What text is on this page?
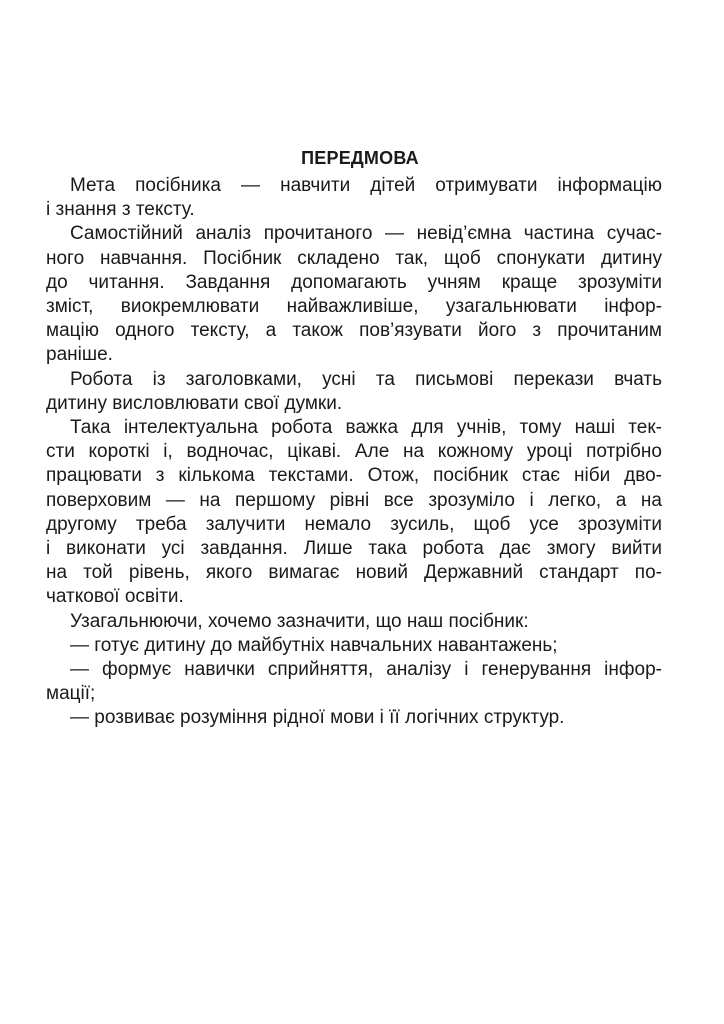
ПЕРЕДМОВА
Мета посібника — навчити дітей отримувати інформацію
і знання з тексту.
Самостійний аналіз прочитаного — невід’ємна частина сучас-
ного навчання. Посібник складено так, щоб спонукати дитину
до читання. Завдання допомагають учням краще зрозуміти
зміст, виокремлювати найважливіше, узагальнювати інфор-
мацію одного тексту, а також пов’язувати його з прочитаним
раніше.
Робота із заголовками, усні та письмові перекази вчать
дитину висловлювати свої думки.
Така інтелектуальна робота важка для учнів, тому наші тек-
сти короткі і, водночас, цікаві. Але на кожному уроці потрібно
працювати з кількома текстами. Отож, посібник стає ніби дво-
поверховим — на першому рівні все зрозуміло і легко, а на
другому треба залучити немало зусиль, щоб усе зрозуміти
і виконати усі завдання. Лише така робота дає змогу вийти
на той рівень, якого вимагає новий Державний стандарт по-
чаткової освіти.
Узагальнюючи, хочемо зазначити, що наш посібник:
— готує дитину до майбутніх навчальних навантажень;
— формує навички сприйняття, аналізу і генерування інфор-
мації;
— розвиває розуміння рідної мови і її логічних структур.
